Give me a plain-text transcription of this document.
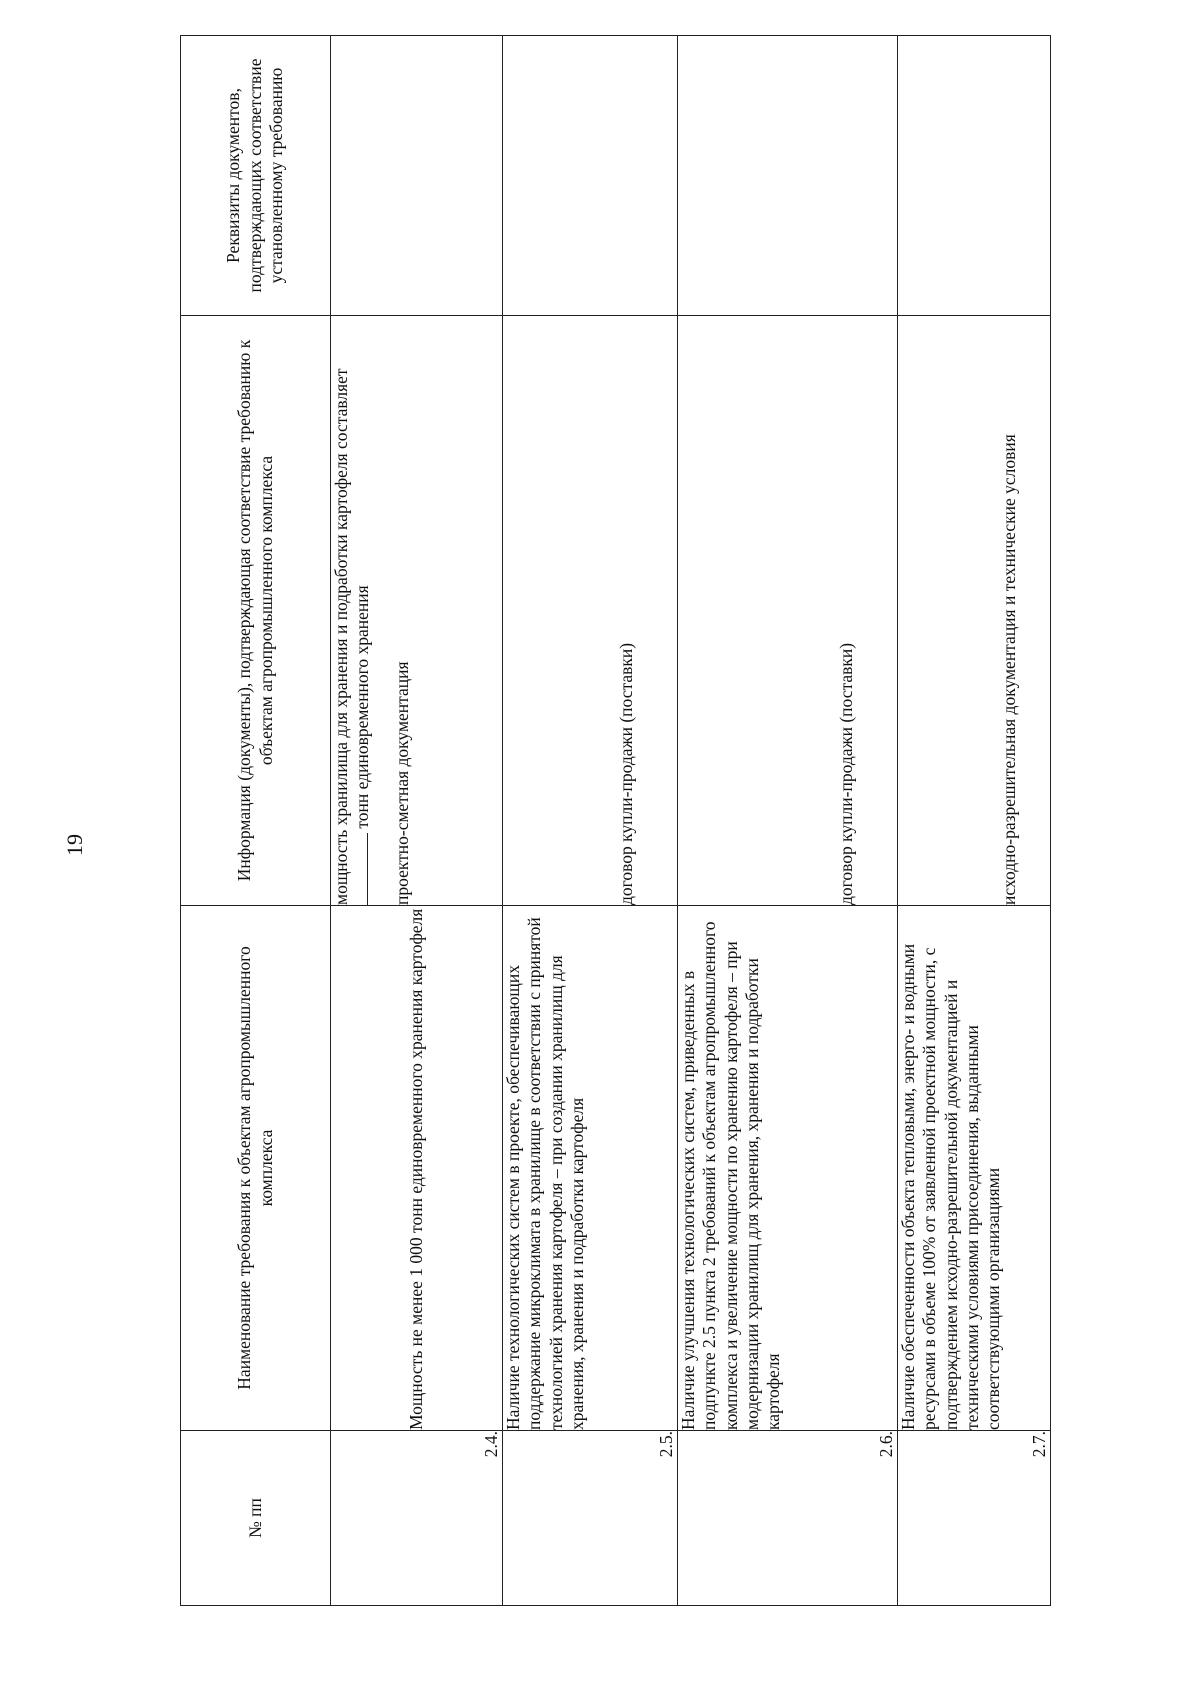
19
№ пп	Наименование требования к объектам агропромышленного комплекса	Информация (документы), подтверждающая соответствие требованию к объектам агропромышленного комплекса	Реквизиты документов, подтверждающих соответствие установленному требованию
2.4.	Мощность не менее 1 000 тонн единовременного хранения картофеля	мощность хранилища для хранения и подработки картофеля составляет  тонн единовременного хранения проектно-сметная документация	

2.5.	Наличие технологических систем в проекте, обеспечивающих поддержание микроклимата в хранилище в соответствии с принятой технологией хранения картофеля – при создании хранилищ для хранения, хранения и подработки картофеля	договор купли-продажи (поставки)	
2.6.	Наличие улучшения технологических систем, приведенных в подпункте 2.5 пункта 2 требований к объектам агропромышленного комплекса и увеличение мощности по хранению картофеля – при модернизации хранилищ для хранения, хранения и подработки картофеля	договор купли-продажи (поставки)	
2.7.	Наличие обеспеченности объекта тепловыми, энерго- и водными ресурсами в объеме 100% от заявленной проектной мощности, с подтверждением исходно-разрешительной документацией и техническими условиями присоединения, выданными соответствующими организациями	исходно-разрешительная документация и технические условия	
